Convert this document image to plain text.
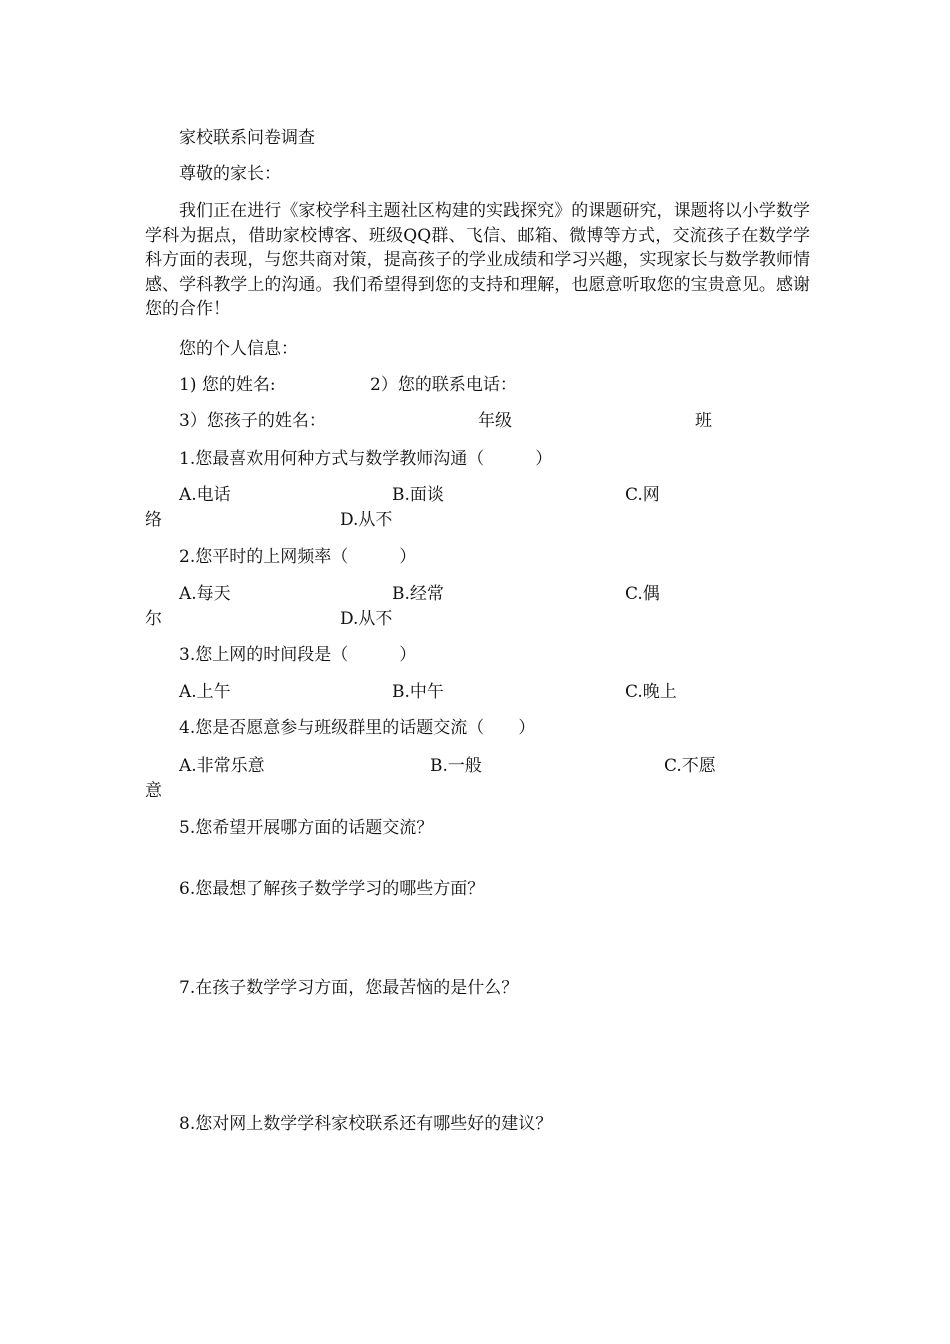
家校联系问卷调查
尊敬的家长：
我们正在进行《家校学科主题社区构建的实践探究》的课题研究，课题将以小学数学学科为据点，借助家校博客、班级QQ群、飞信、邮箱、微博等方式，交流孩子在数学学科方面的表现，与您共商对策，提高孩子的学业成绩和学习兴趣，实现家长与数学教师情感、学科教学上的沟通。我们希望得到您的支持和理解，也愿意听取您的宝贵意见。感谢您的合作！
您的个人信息：
1) 您的姓名:	2）您的联系电话：
3）您孩子的姓名：	年级	班
1.您最喜欢用何种方式与数学教师沟通（　　　）
A.电话	B.面谈	C.网
络	D.从不
2.您平时的上网频率（　　　）
A.每天	B.经常	C.偶
尔	D.从不
3.您上网的时间段是（　　　）
A.上午	B.中午	C.晚上
4.您是否愿意参与班级群里的话题交流（　　）
A.非常乐意	B.一般	C.不愿
意
5.您希望开展哪方面的话题交流？
6.您最想了解孩子数学学习的哪些方面？
7.在孩子数学学习方面，您最苦恼的是什么？
8.您对网上数学学科家校联系还有哪些好的建议？
